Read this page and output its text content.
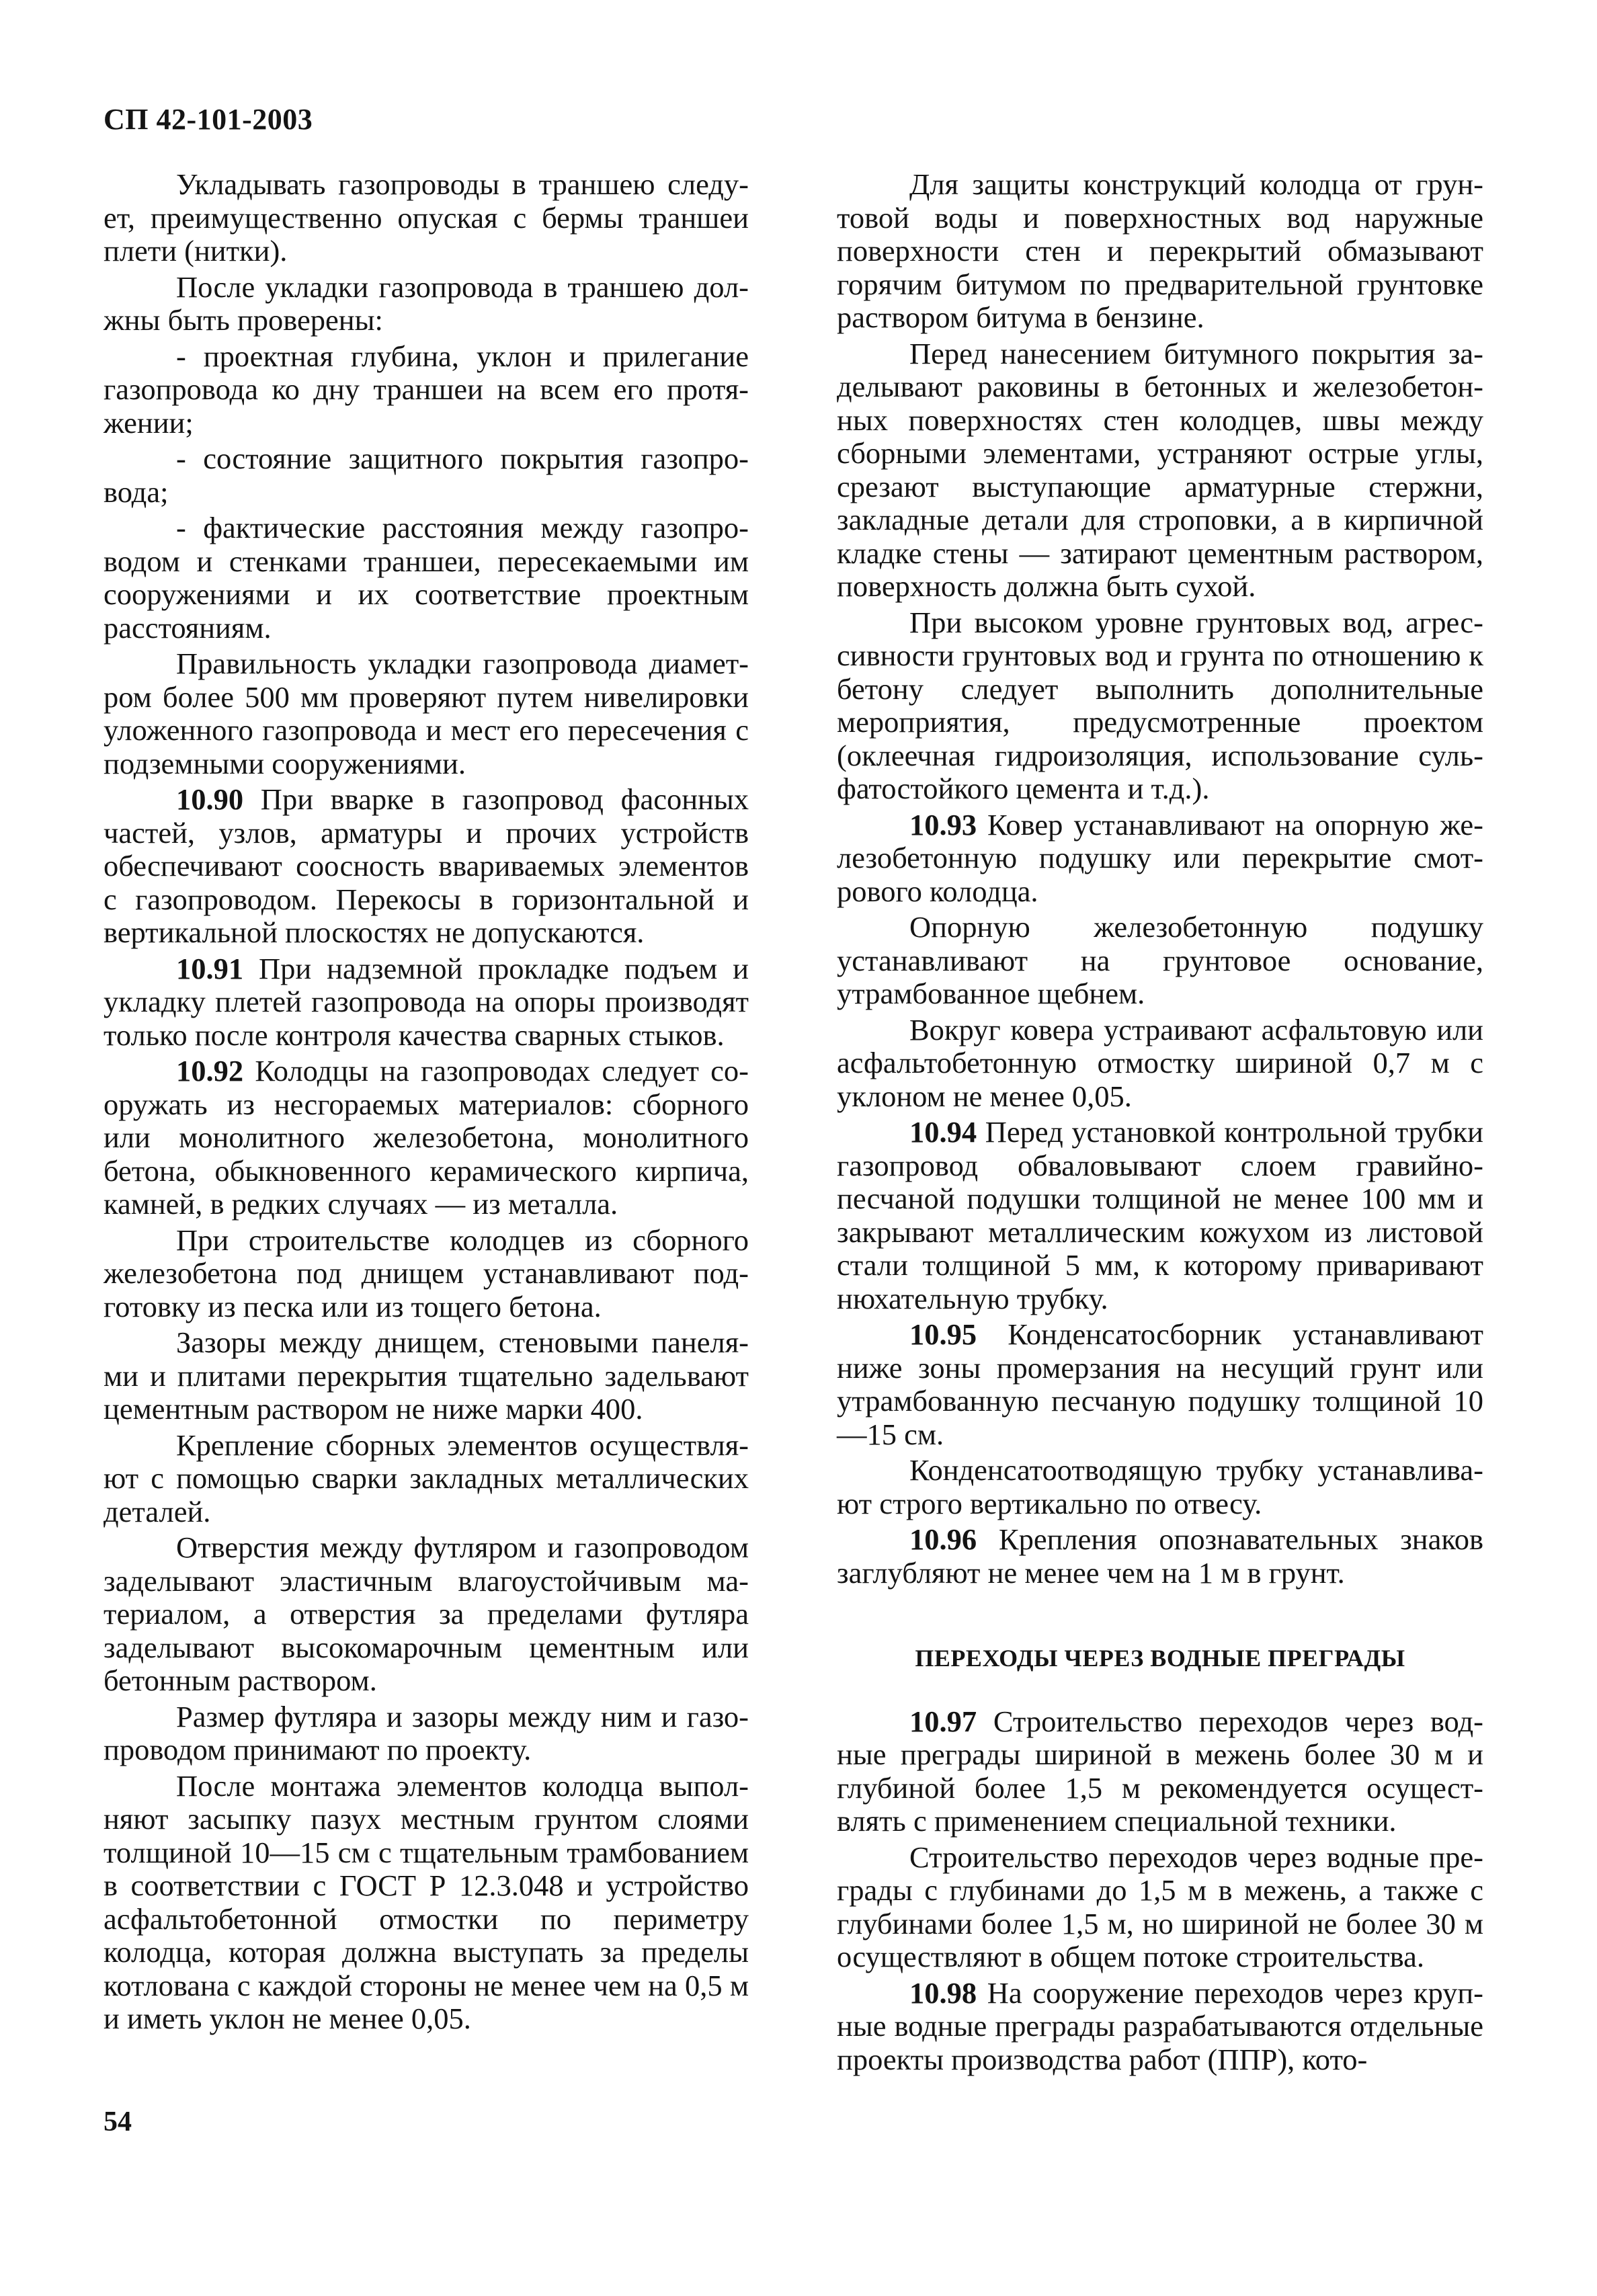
СП 42-101-2003

Укладывать газопроводы в траншею следует, преимущественно опуская с бермы траншеи плети (нитки).

После укладки газопровода в траншею должны быть проверены:

- проектная глубина, уклон и прилегание газопровода ко дну траншеи на всем его протяжении;

- состояние защитного покрытия газопровода;

- фактические расстояния между газопроводом и стенками траншеи, пересекаемыми им сооружениями и их соответствие проектным расстояниям.

Правильность укладки газопровода диаметром более 500 мм проверяют путем нивелировки уложенного газопровода и мест его пересечения с подземными сооружениями.

10.90 При вварке в газопровод фасонных частей, узлов, арматуры и прочих устройств обеспечивают соосность ввариваемых элементов с газопроводом. Перекосы в горизонтальной и вертикальной плоскостях не допускаются.

10.91 При надземной прокладке подъем и укладку плетей газопровода на опоры производят только после контроля качества сварных стыков.

10.92 Колодцы на газопроводах следует сооружать из несгораемых материалов: сборного или монолитного железобетона, монолитного бетона, обыкновенного керамического кирпича, камней, в редких случаях — из металла.

При строительстве колодцев из сборного железобетона под днищем устанавливают подготовку из песка или из тощего бетона.

Зазоры между днищем, стеновыми панелями и плитами перекрытия тщательно задельвают цементным раствором не ниже марки 400.

Крепление сборных элементов осуществляют с помощью сварки закладных металлических деталей.

Отверстия между футляром и газопроводом заделывают эластичным влагоустойчивым материалом, а отверстия за пределами футляра заделывают высокомарочным цементным или бетонным раствором.

Размер футляра и зазоры между ним и газопроводом принимают по проекту.

После монтажа элементов колодца выполняют засыпку пазух местным грунтом слоями толщиной 10—15 см с тщательным трамбованием в соответствии с ГОСТ Р 12.3.048 и устройство асфальтобетонной отмостки по периметру колодца, которая должна выступать за пределы котлована с каждой стороны не менее чем на 0,5 м и иметь уклон не менее 0,05.

Для защиты конструкций колодца от грунтовой воды и поверхностных вод наружные поверхности стен и перекрытий обмазывают горячим битумом по предварительной грунтовке раствором битума в бензине.

Перед нанесением битумного покрытия заделывают раковины в бетонных и железобетонных поверхностях стен колодцев, швы между сборными элементами, устраняют острые углы, срезают выступающие арматурные стержни, закладные детали для строповки, а в кирпичной кладке стены — затирают цементным раствором, поверхность должна быть сухой.

При высоком уровне грунтовых вод, агрессивности грунтовых вод и грунта по отношению к бетону следует выполнить дополнительные мероприятия, предусмотренные проектом (оклеечная гидроизоляция, использование сульфатостойкого цемента и т.д.).

10.93 Ковер устанавливают на опорную железобетонную подушку или перекрытие смотрового колодца.

Опорную железобетонную подушку устанавливают на грунтовое основание, утрамбованное щебнем.

Вокруг ковера устраивают асфальтовую или асфальтобетонную отмостку шириной 0,7 м с уклоном не менее 0,05.

10.94 Перед установкой контрольной трубки газопровод обваловывают слоем гравийнопесчаной подушки толщиной не менее 100 мм и закрывают металлическим кожухом из листовой стали толщиной 5 мм, к которому приваривают нюхательную трубку.

10.95 Конденсатосборник устанавливают ниже зоны промерзания на несущий грунт или утрамбованную песчаную подушку толщиной 10—15 см.

Конденсатоотводящую трубку устанавливают строго вертикально по отвесу.

10.96 Крепления опознавательных знаков заглубляют не менее чем на 1 м в грунт.

ПЕРЕХОДЫ ЧЕРЕЗ ВОДНЫЕ ПРЕГРАДЫ

10.97 Строительство переходов через водные преграды шириной в межень более 30 м и глубиной более 1,5 м рекомендуется осуществлять с применением специальной техники.

Строительство переходов через водные преграды с глубинами до 1,5 м в межень, а также с глубинами более 1,5 м, но шириной не более 30 м осуществляют в общем потоке строительства.

10.98 На сооружение переходов через крупные водные преграды разрабатываются отдельные проекты производства работ (ППР), кото-

54
